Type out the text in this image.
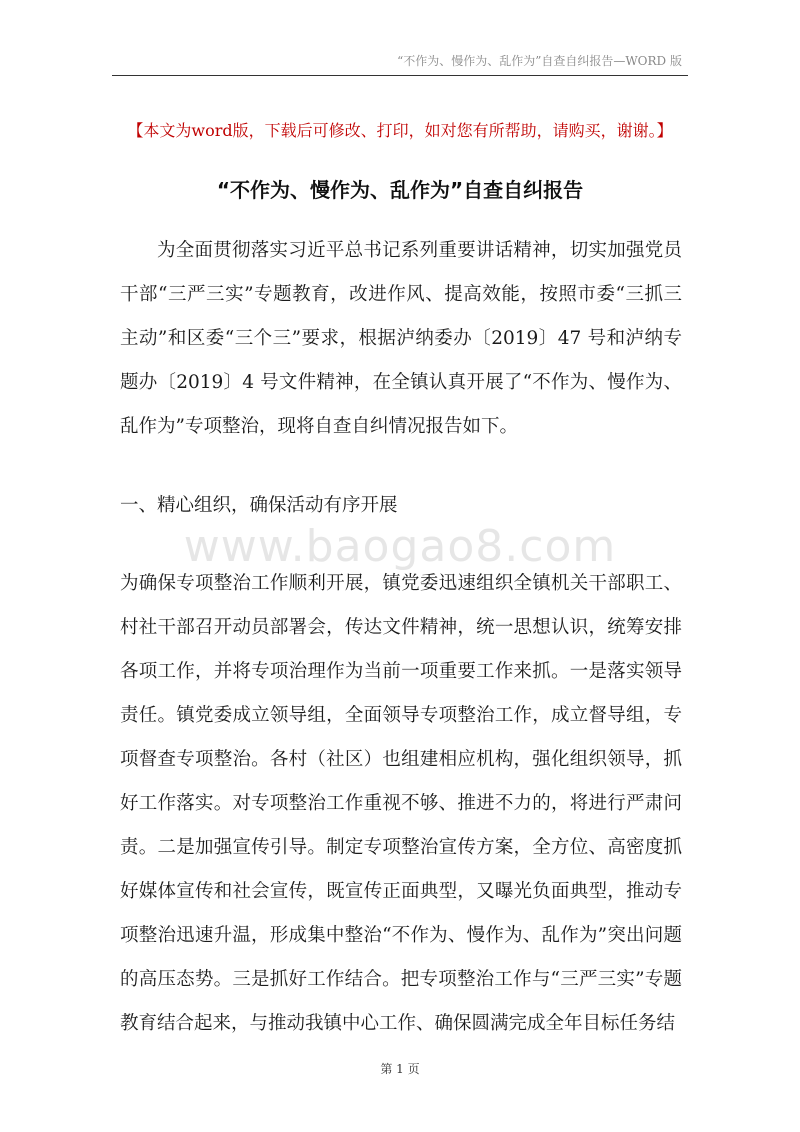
“不作为、慢作为、乱作为”自查自纠报告—WORD 版
【本文为word版，下载后可修改、打印，如对您有所帮助，请购买，谢谢。】
“不作为、慢作为、乱作为”自查自纠报告

为全面贯彻落实习近平总书记系列重要讲话精神，切实加强党员干部“三严三实”专题教育，改进作风、提高效能，按照市委“三抓三主动”和区委“三个三”要求，根据泸纳委办〔2019〕47 号和泸纳专题办〔2019〕4 号文件精神，在全镇认真开展了“不作为、慢作为、乱作为”专项整治，现将自查自纠情况报告如下。

一、精心组织，确保活动有序开展
www.baogao8.com

为确保专项整治工作顺利开展，镇党委迅速组织全镇机关干部职工、村社干部召开动员部署会，传达文件精神，统一思想认识，统筹安排各项工作，并将专项治理作为当前一项重要工作来抓。一是落实领导责任。镇党委成立领导组，全面领导专项整治工作，成立督导组，专项督查专项整治。各村（社区）也组建相应机构，强化组织领导，抓好工作落实。对专项整治工作重视不够、推进不力的，将进行严肃问责。二是加强宣传引导。制定专项整治宣传方案，全方位、高密度抓好媒体宣传和社会宣传，既宣传正面典型，又曝光负面典型，推动专项整治迅速升温，形成集中整治“不作为、慢作为、乱作为”突出问题的高压态势。三是抓好工作结合。把专项整治工作与“三严三实”专题教育结合起来，与推动我镇中心工作、确保圆满完成全年目标任务结

第 1 页
